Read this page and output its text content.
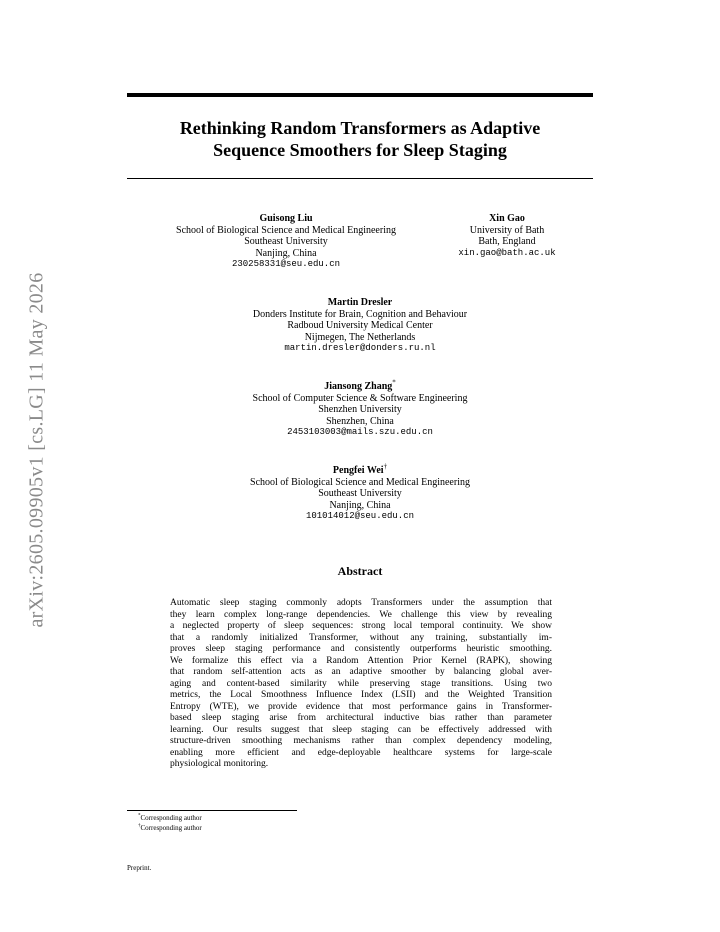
arXiv:2605.09905v1 [cs.LG] 11 May 2026
Rethinking Random Transformers as Adaptive
Sequence Smoothers for Sleep Staging
Guisong Liu
School of Biological Science and Medical Engineering
Southeast University
Nanjing, China
230258331@seu.edu.cn
Xin Gao
University of Bath
Bath, England
xin.gao@bath.ac.uk
Martin Dresler
Donders Institute for Brain, Cognition and Behaviour
Radboud University Medical Center
Nijmegen, The Netherlands
martin.dresler@donders.ru.nl
Jiansong Zhang*
School of Computer Science & Software Engineering
Shenzhen University
Shenzhen, China
2453103003@mails.szu.edu.cn
Pengfei Wei†
School of Biological Science and Medical Engineering
Southeast University
Nanjing, China
101014012@seu.edu.cn
Abstract
Automatic sleep staging commonly adopts Transformers under the assumption that
they learn complex long-range dependencies. We challenge this view by revealing
a neglected property of sleep sequences: strong local temporal continuity. We show
that a randomly initialized Transformer, without any training, substantially im-
proves sleep staging performance and consistently outperforms heuristic smoothing.
We formalize this effect via a Random Attention Prior Kernel (RAPK), showing
that random self-attention acts as an adaptive smoother by balancing global aver-
aging and content-based similarity while preserving stage transitions. Using two
metrics, the Local Smoothness Influence Index (LSII) and the Weighted Transition
Entropy (WTE), we provide evidence that most performance gains in Transformer-
based sleep staging arise from architectural inductive bias rather than parameter
learning. Our results suggest that sleep staging can be effectively addressed with
structure-driven smoothing mechanisms rather than complex dependency modeling,
enabling more efficient and edge-deployable healthcare systems for large-scale
physiological monitoring.
*Corresponding author
†Corresponding author
Preprint.
